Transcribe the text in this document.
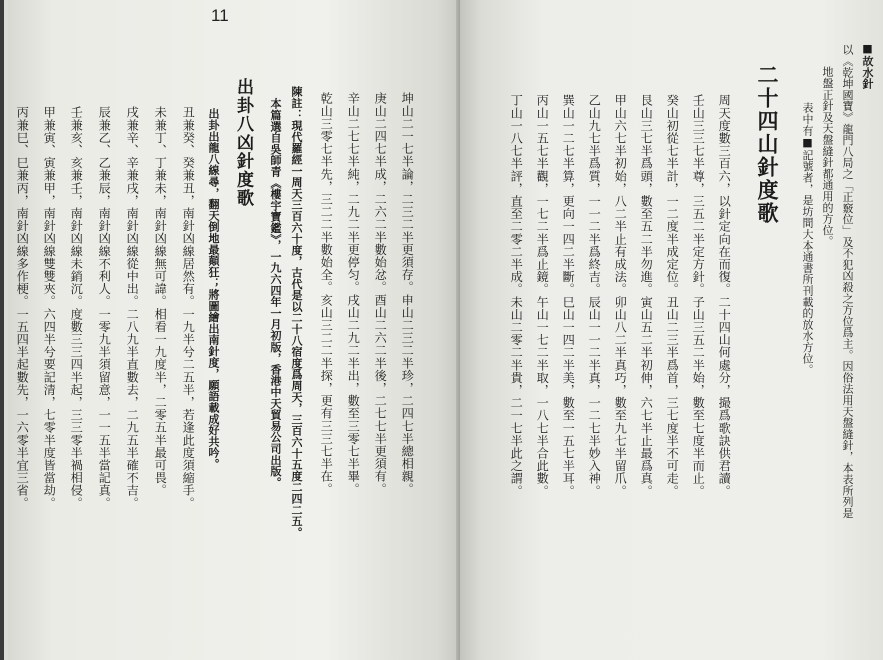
11
坤山二一七半論，二三二半更須存。申山二三二半珍，二四七半總相親。
庚山二四七半成，二六二半數始忿。酉山二六二半後，二七七半更須有。
辛山二七七半純，二九二半更停匀。戌山二九二半出，數至三零七半畢。
乾山三零七半先，三二二半數始全。亥山三二二半探，更有三三七半在。
陳註：現代羅經一周天三百六十度，古代是以二十八宿度爲周天，三百六十五度二四二五。
本篇選自吳師青《樓宇寶鑑》，一九六四年一月初版，香港中天貿易公司出版。
出卦八凶針度歌
出卦出龍八線尋，翻天倒地最顛狂；將圖繪出南針度，願語載成好共吟。
丑兼癸、癸兼丑，南針凶線居然有。一九半兮二五半，若逢此度須縮手。
未兼丁、丁兼未，南針凶線無可諱。相看一九度半，二零五半最可畏。
戌兼辛、辛兼戌，南針凶線從中出。二八九半直數去，二九五半確不吉。
辰兼乙、乙兼辰，南針凶線不利人。一零九半須留意，一一五半當記真。
壬兼亥、亥兼壬，南針凶線未銷沉。度數三三四半起，三三零半禍相侵。
甲兼寅、寅兼甲，南針凶線雙雙夾。六四半兮要記清，七零半度皆當劫。
丙兼巳、巳兼丙，南針凶線多作梗。一五四半起數先，一六零半宜三省。
■故水針
以《乾坤國寶》龍門八局之「正竅位」及不犯凶殺之方位爲主。因俗法用天盤縫針，本表所列是
地盤正針及天盤縫針都通用的方位。
表中有■記號者，是坊間大本通書所刊載的放水方位。
二十四山針度歌
周天度數三百六，以針定向在而復。二十四山何處分，撮爲歌訣供君讀。
壬山三三七半尊，三五二半定方針。子山三五二半始，數至七度半而止。
癸山初從七半計，一二度半成定位。丑山二三半爲首，三七度半不可走。
艮山三七半爲頭，數至五二半勿進。寅山五二半初伸，六七半止最爲真。
甲山六七半初始，八二半止有成法。卯山八二半真巧，數至九七半留爪。
乙山九七半爲質，一一二半爲終吉。辰山一一二半真，一二七半妙入神。
巽山一二七半算，更向一四二半斷。巳山一四二半美，數至一五七半耳。
丙山一五七半觀，一七二半爲止鏡。午山一七二半取，一八七半合此數。
丁山一八七半評，直至二零二半成。未山二零二半貴，二一七半此之謂。
